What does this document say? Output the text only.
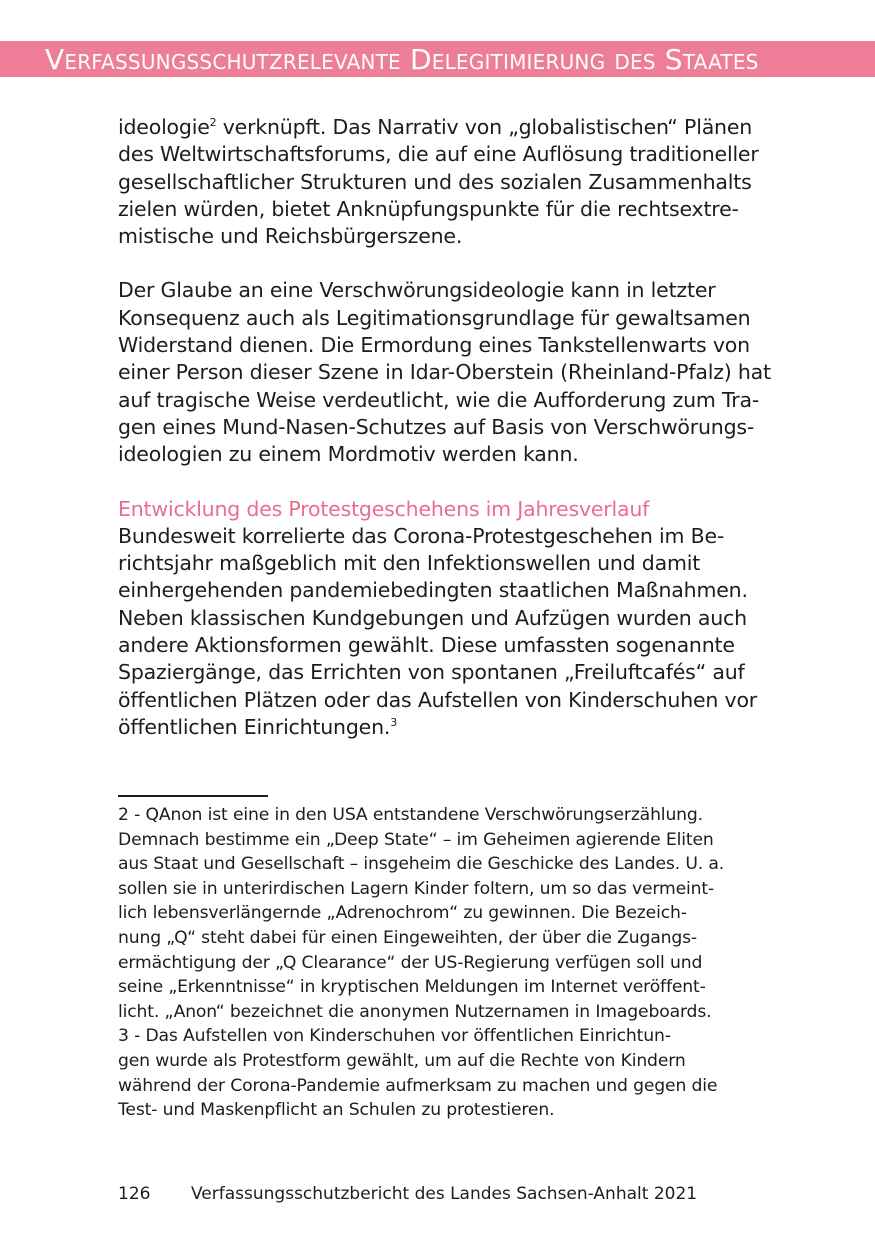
Verfassungsschutzrelevante Delegitimierung des Staates

ideologie$^2$ verknüpft. Das Narrativ von „globalistischen“ Plänen
des Weltwirtschaftsforums, die auf eine Auflösung traditioneller
gesellschaftlicher Strukturen und des sozialen Zusammenhalts
zielen würden, bietet Anknüpfungspunkte für die rechtsextre-
mistische und Reichsbürgerszene.

Der Glaube an eine Verschwörungsideologie kann in letzter
Konsequenz auch als Legitimationsgrundlage für gewaltsamen
Widerstand dienen. Die Ermordung eines Tankstellenwarts von
einer Person dieser Szene in Idar-Oberstein (Rheinland-Pfalz) hat
auf tragische Weise verdeutlicht, wie die Aufforderung zum Tra-
gen eines Mund-Nasen-Schutzes auf Basis von Verschwörungs-
ideologien zu einem Mordmotiv werden kann.

Entwicklung des Protestgeschehens im Jahresverlauf

Bundesweit korrelierte das Corona-Protestgeschehen im Be-
richtsjahr maßgeblich mit den Infektionswellen und damit
einhergehenden pandemiebedingten staatlichen Maßnahmen.
Neben klassischen Kundgebungen und Aufzügen wurden auch
andere Aktionsformen gewählt. Diese umfassten sogenannte
Spaziergänge, das Errichten von spontanen „Freiluftcafés“ auf
öffentlichen Plätzen oder das Aufstellen von Kinderschuhen vor
öffentlichen Einrichtungen.$^3$

2 - QAnon ist eine in den USA entstandene Verschwörungserzählung.
Demnach bestimme ein „Deep State“ – im Geheimen agierende Eliten
aus Staat und Gesellschaft – insgeheim die Geschicke des Landes. U. a.
sollen sie in unterirdischen Lagern Kinder foltern, um so das vermeint-
lich lebensverlängernde „Adrenochrom“ zu gewinnen. Die Bezeich-
nung „Q“ steht dabei für einen Eingeweihten, der über die Zugangs-
ermächtigung der „Q Clearance“ der US-Regierung verfügen soll und
seine „Erkenntnisse“ in kryptischen Meldungen im Internet veröffent-
licht. „Anon“ bezeichnet die anonymen Nutzernamen in Imageboards.

3 - Das Aufstellen von Kinderschuhen vor öffentlichen Einrichtun-
gen wurde als Protestform gewählt, um auf die Rechte von Kindern
während der Corona-Pandemie aufmerksam zu machen und gegen die
Test- und Maskenpflicht an Schulen zu protestieren.

126 Verfassungsschutzbericht des Landes Sachsen-Anhalt 2021
